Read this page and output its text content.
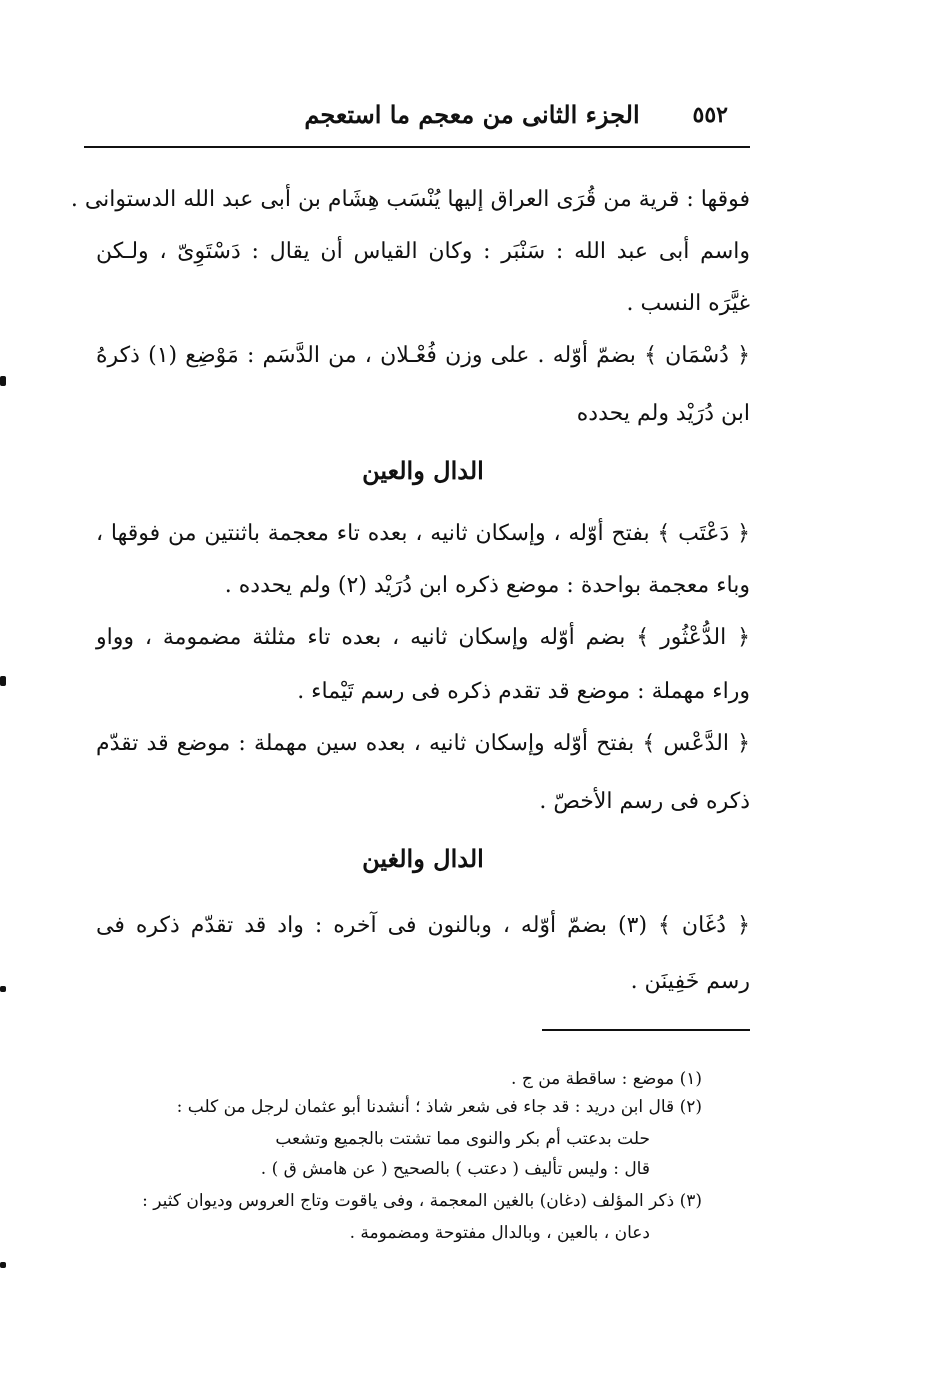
٥٥٢
الجزء الثانى من معجم ما استعجم
فوقها : قرية من قُرَى العراق إليها يُنْسَب هِشَام بن أبى عبد الله الدستوانى .
واسم أبى عبد الله : سَنْبَر : وكان القياس أن يقال : دَسْتَوِىّ ، ولـكن
غيَّرَه النسب .
﴿ دُسْمَان ﴾ بضمّ أوّله . على وزن فُعْـلان ، من الدَّسَم : مَوْضِع (١) ذكرهُ
ابن دُرَيْد ولم يحدده
الدال والعين
﴿ دَعْتَب ﴾ بفتح أوّله ، وإسكان ثانيه ، بعده تاء معجمة باثنتين من فوقها ،
وباء معجمة بواحدة : موضع ذكره ابن دُرَيْد (٢) ولم يحدده .
﴿ الدُّعْثُور ﴾ بضم أوّله وإسكان ثانيه ، بعده تاء مثلثة مضمومة ، وواو
وراء مهملة : موضع قد تقدم ذكره فى رسم تَيْماء .
﴿ الدَّعْس ﴾ بفتح أوّله وإسكان ثانيه ، بعده سين مهملة : موضع قد تقدّم
ذكره فى رسم الأخصّ .
الدال والغين
﴿ دُغَان ﴾ (٣) بضمّ أوّله ، وبالنون فى آخره : واد قد تقدّم ذكره فى
رسم خَفِينَن .
(١) موضع : ساقطة من ج .
(٢) قال ابن دريد : قد جاء فى شعر شاذ ؛ أنشدنا أبو عثمان لرجل من كلب :
حلت بدعتب أم بكر والنوى مما تشتت بالجميع وتشعب
قال : وليس تأليف ( دعتب ) بالصحيح ( عن هامش ق ) .
(٣) ذكر المؤلف (دغان) بالغين المعجمة ، وفى ياقوت وتاج العروس وديوان كثير :
دعان ، بالعين ، وبالدال مفتوحة ومضمومة .
